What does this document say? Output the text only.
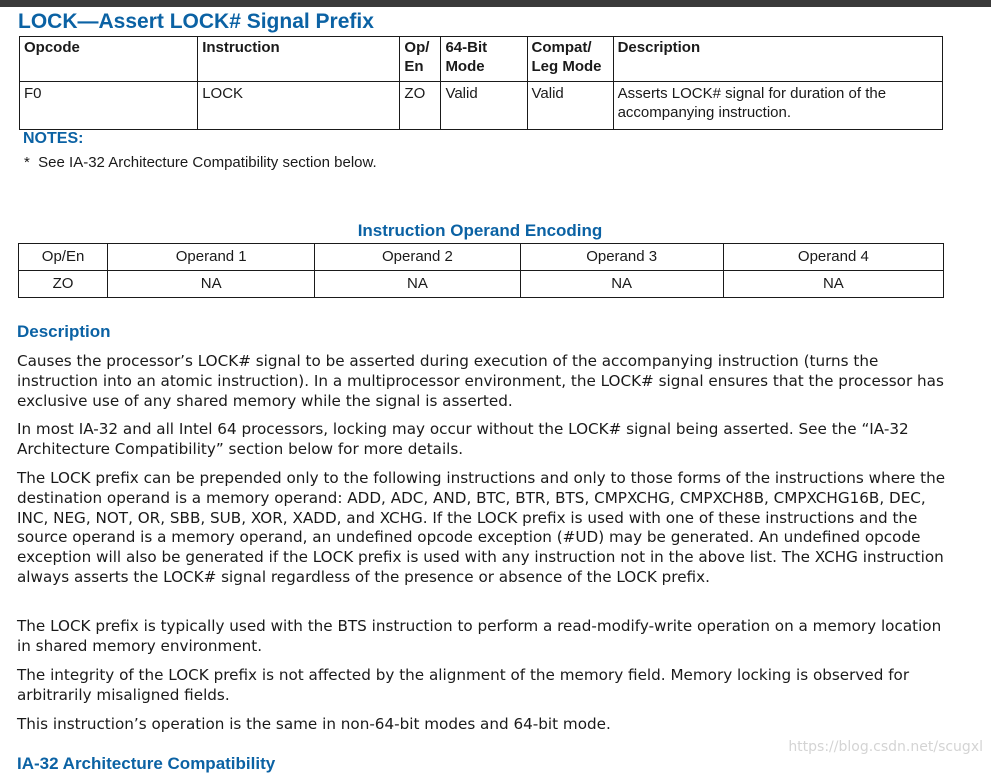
LOCK—Assert LOCK# Signal Prefix
Opcode	Instruction	Op/ En	64-Bit Mode	Compat/ Leg Mode	Description
F0	LOCK	ZO	Valid	Valid	Asserts LOCK# signal for duration of the accompanying instruction.
NOTES:
*  See IA-32 Architecture Compatibility section below.
Instruction Operand Encoding
Op/En	Operand 1	Operand 2	Operand 3	Operand 4
ZO	NA	NA	NA	NA
Description

Causes the processor’s LOCK# signal to be asserted during execution of the accompanying instruction (turns the instruction into an atomic instruction). In a multiprocessor environment, the LOCK# signal ensures that the processor has exclusive use of any shared memory while the signal is asserted.

In most IA-32 and all Intel 64 processors, locking may occur without the LOCK# signal being asserted. See the “IA-32 Architecture Compatibility” section below for more details.

The LOCK prefix can be prepended only to the following instructions and only to those forms of the instructions where the destination operand is a memory operand: ADD, ADC, AND, BTC, BTR, BTS, CMPXCHG, CMPXCH8B, CMPXCHG16B, DEC, INC, NEG, NOT, OR, SBB, SUB, XOR, XADD, and XCHG. If the LOCK prefix is used with one of these instructions and the source operand is a memory operand, an undefined opcode exception (#UD) may be generated. An undefined opcode exception will also be generated if the LOCK prefix is used with any instruction not in the above list. The XCHG instruction always asserts the LOCK# signal regardless of the presence or absence of the LOCK prefix.

The LOCK prefix is typically used with the BTS instruction to perform a read-modify-write operation on a memory location in shared memory environment.

The integrity of the LOCK prefix is not affected by the alignment of the memory field. Memory locking is observed for arbitrarily misaligned fields.

This instruction’s operation is the same in non-64-bit modes and 64-bit mode.

IA-32 Architecture Compatibility
https://blog.csdn.net/scugxl
